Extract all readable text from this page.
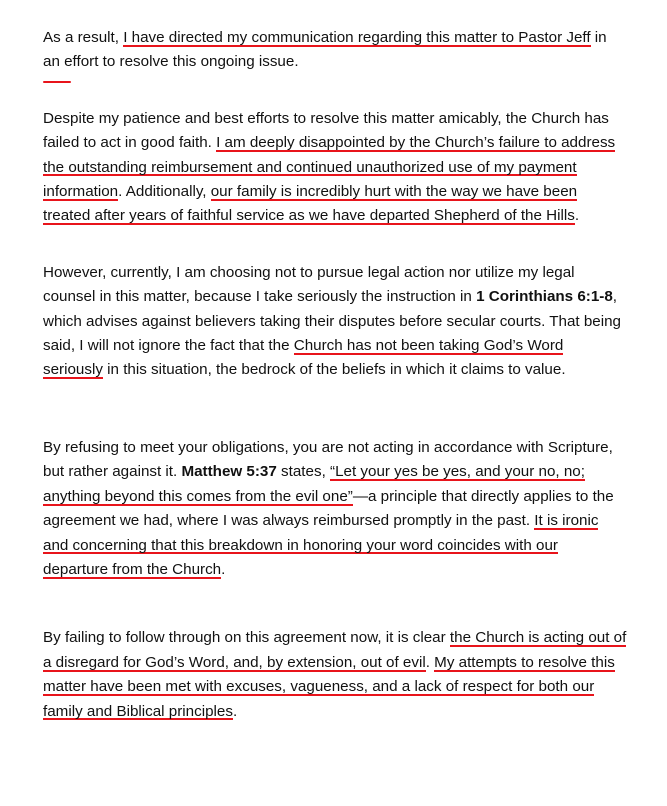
As a result, I have directed my communication regarding this matter to Pastor Jeff in an effort to resolve this ongoing issue.

Despite my patience and best efforts to resolve this matter amicably, the Church has failed to act in good faith. I am deeply disappointed by the Church’s failure to address the outstanding reimbursement and continued unauthorized use of my payment information. Additionally, our family is incredibly hurt with the way we have been treated after years of faithful service as we have departed Shepherd of the Hills.

However, currently, I am choosing not to pursue legal action nor utilize my legal counsel in this matter, because I take seriously the instruction in 1 Corinthians 6:1-8, which advises against believers taking their disputes before secular courts. That being said, I will not ignore the fact that the Church has not been taking God’s Word seriously in this situation, the bedrock of the beliefs in which it claims to value.

By refusing to meet your obligations, you are not acting in accordance with Scripture, but rather against it. Matthew 5:37 states, “Let your yes be yes, and your no, no; anything beyond this comes from the evil one”—a principle that directly applies to the agreement we had, where I was always reimbursed promptly in the past. It is ironic and concerning that this breakdown in honoring your word coincides with our departure from the Church.

By failing to follow through on this agreement now, it is clear the Church is acting out of a disregard for God’s Word, and, by extension, out of evil. My attempts to resolve this matter have been met with excuses, vagueness, and a lack of respect for both our family and Biblical principles.
